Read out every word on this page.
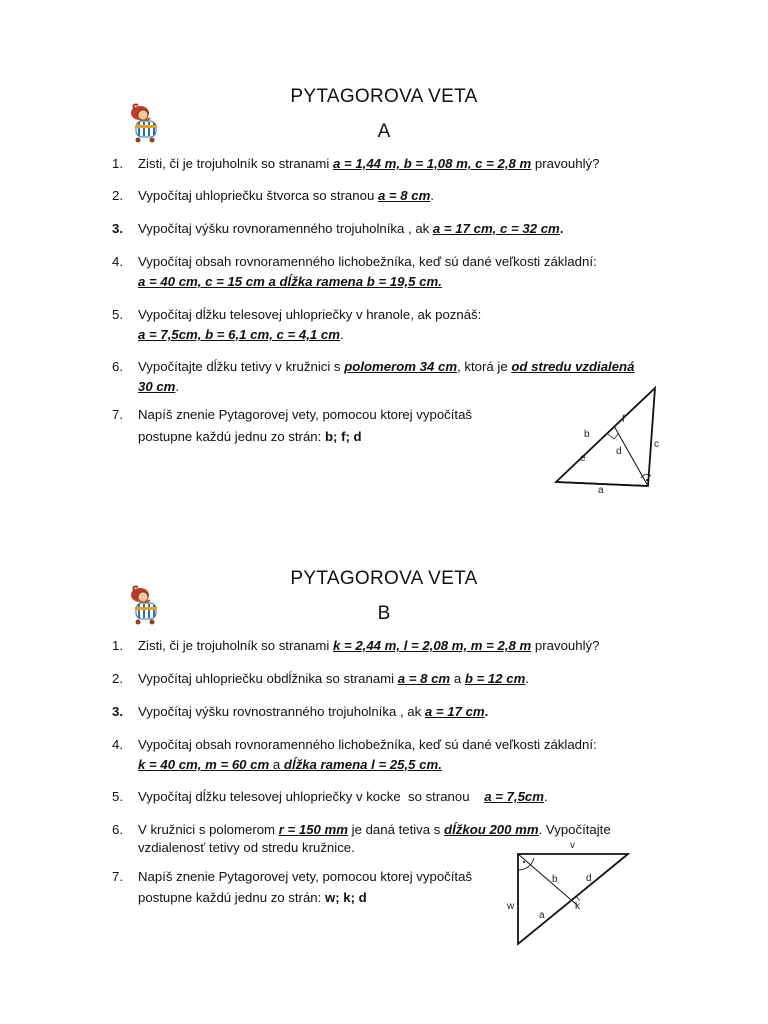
PYTAGOROVA VETA
A
1. Zisti, či je trojuholník so stranami a = 1,44 m, b = 1,08 m, c = 2,8 m pravouhlý?
2. Vypočítaj uhlopriečku štvorca so stranou a = 8 cm.
3. Vypočítaj výšku rovnoramenného trojuholníka , ak a = 17 cm, c = 32 cm.
4. Vypočítaj obsah rovnoramenného lichobežníka, keď sú dané veľkosti základní:
a = 40 cm, c = 15 cm a dĺžka ramena b = 19,5 cm.
5. Vypočítaj dĺžku telesovej uhlopriečky v hranole, ak poznáš:
a = 7,5cm, b = 6,1 cm, c = 4,1 cm.
6. Vypočítajte dĺžku tetivy v kružnici s polomerom 34 cm, ktorá je od stredu vzdialená
30 cm.
7. Napíš znenie Pytagorovej vety, pomocou ktorej vypočítaš
postupne každú jednu zo strán: b; f; d
f
b
c
d
e
a
PYTAGOROVA VETA
B
1. Zisti, či je trojuholník so stranami k = 2,44 m, l = 2,08 m, m = 2,8 m pravouhlý?
2. Vypočítaj uhlopriečku obdĺžnika so stranami a = 8 cm a b = 12 cm.
3. Vypočítaj výšku rovnostranného trojuholníka , ak a = 17 cm.
4. Vypočítaj obsah rovnoramenného lichobežníka, keď sú dané veľkosti základní:
k = 40 cm, m = 60 cm a dĺžka ramena l = 25,5 cm.
5. Vypočítaj dĺžku telesovej uhlopriečky v kocke  so stranou    a = 7,5cm.
6. V kružnici s polomerom r = 150 mm je daná tetiva s dĺžkou 200 mm. Vypočítajte
vzdialenosť tetivy od stredu kružnice.
7. Napíš znenie Pytagorovej vety, pomocou ktorej vypočítaš
postupne každú jednu zo strán: w; k; d
v
b	d
w
a
k
